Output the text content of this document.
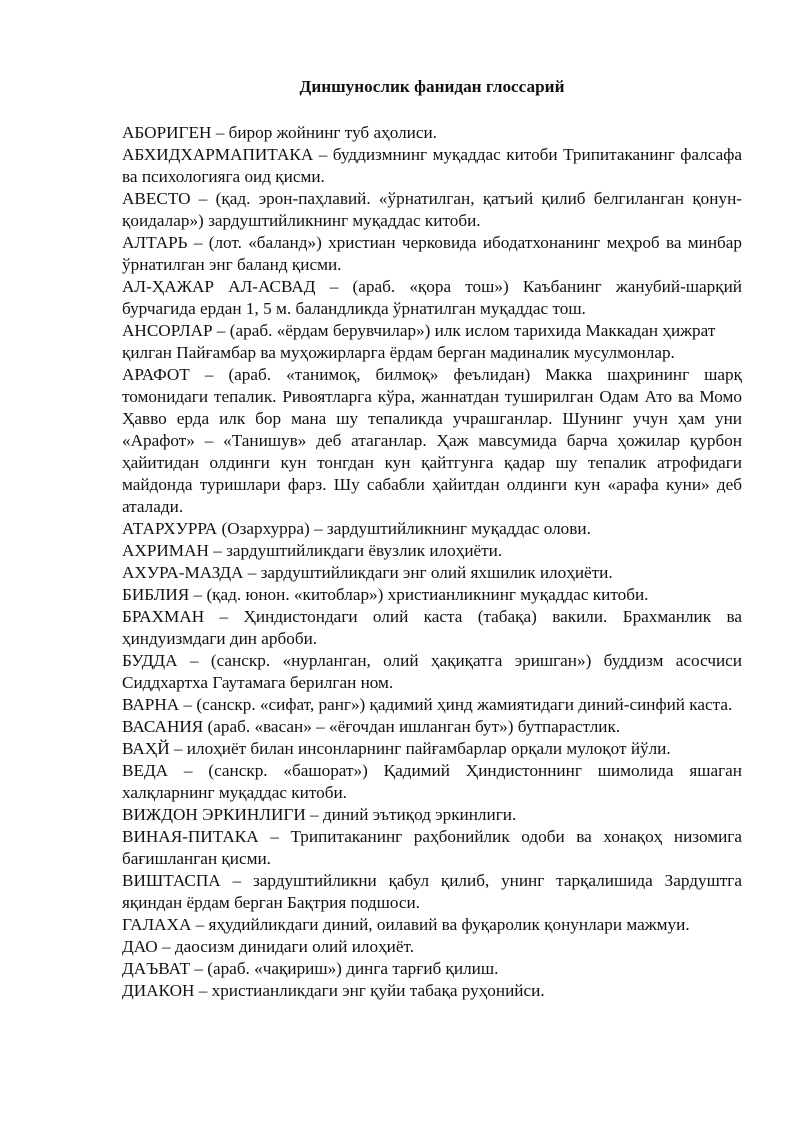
Диншунослик фанидан глоссарий

АБОРИГЕН – бирор жойнинг туб аҳолиси.

АБХИДХАРМАПИТАКА – буддизмнинг муқаддас китоби Трипитаканинг фалсафа ва психологияга оид қисми.

АВЕСТО – (қад. эрон-паҳлавий. «ўрнатилган, қатъий қилиб белгиланган қонун-қоидалар») зардуштийликнинг муқаддас китоби.

АЛТАРЬ – (лот. «баланд») христиан черковида ибодатхонанинг меҳроб ва минбар ўрнатилган энг баланд қисми.

АЛ-ҲАЖАР АЛ-АСВАД – (араб. «қора тош») Каъбанинг жанубий-шарқий бурчагида ердан 1, 5 м. баландликда ўрнатилган муқаддас тош.

АНСОРЛАР – (араб. «ёрдам берувчилар») илк ислом тарихида Маккадан ҳижрат қилган Пайғамбар ва муҳожирларга ёрдам берган мадиналик мусулмонлар.

АРАФОТ – (араб. «танимоқ, билмоқ» феълидан) Макка шаҳрининг шарқ томонидаги тепалик. Ривоятларга кўра, жаннатдан туширилган Одам Ато ва Момо Ҳавво ерда илк бор мана шу тепаликда учрашганлар. Шунинг учун ҳам уни «Арафот» – «Танишув» деб атаганлар. Ҳаж мавсумида барча ҳожилар қурбон ҳайитидан олдинги кун тонгдан кун қайтгунга қадар шу тепалик атрофидаги майдонда туришлари фарз. Шу сабабли ҳайитдан олдинги кун «арафа куни» деб аталади.

АТАРХУРРА (Озархурра) – зардуштийликнинг муқаддас олови.

АХРИМАН – зардуштийликдаги ёвузлик илоҳиёти.

АХУРА-МАЗДА – зардуштийликдаги энг олий яхшилик илоҳиёти.

БИБЛИЯ – (қад. юнон. «китоблар») христианликнинг муқаддас китоби.

БРАХМАН – Ҳиндистондаги олий каста (табақа) вакили. Брахманлик ва ҳиндуизмдаги дин арбоби.

БУДДА – (санскр. «нурланган, олий ҳақиқатга эришган») буддизм асосчиси Сиддхартха Гаутамага берилган ном.

ВАРНА – (санскр. «сифат, ранг») қадимий ҳинд жамиятидаги диний-синфий каста.

ВАСАНИЯ (араб. «васан» – «ёғочдан ишланган бут») бутпарастлик.

ВАҲЙ – илоҳиёт билан инсонларнинг пайғамбарлар орқали мулоқот йўли.

ВЕДА – (санскр. «башорат») Қадимий Ҳиндистоннинг шимолида яшаган халқларнинг муқаддас китоби.

ВИЖДОН ЭРКИНЛИГИ – диний эътиқод эркинлиги.

ВИНАЯ-ПИТАКА – Трипитаканинг раҳбонийлик одоби ва хонақоҳ низомига бағишланган қисми.

ВИШТАСПА – зардуштийликни қабул қилиб, унинг тарқалишида Зардуштга яқиндан ёрдам берган Бақтрия подшоси.

ГАЛАХА – яҳудийликдаги диний, оилавий ва фуқаролик қонунлари мажмуи.

ДАО – даосизм динидаги олий илоҳиёт.

ДАЪВАТ – (араб. «чақириш») динга тарғиб қилиш.

ДИАКОН – христианликдаги энг қуйи табақа руҳонийси.
